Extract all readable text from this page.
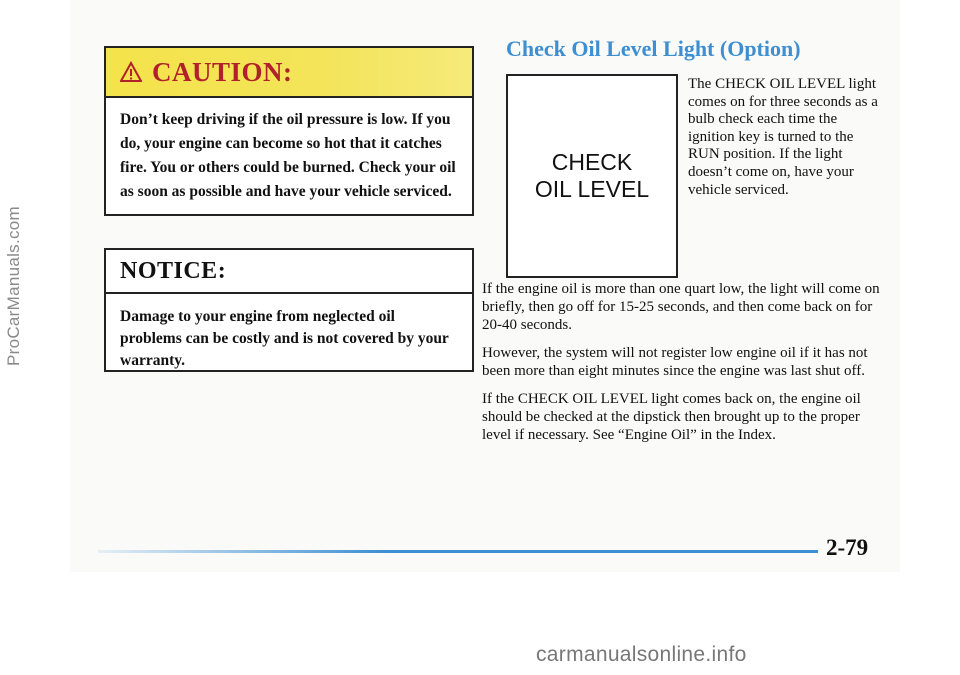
ProCarManuals.com
CAUTION:
Don’t keep driving if the oil pressure is low. If you do, your engine can become so hot that it catches fire. You or others could be burned. Check your oil as soon as possible and have your vehicle serviced.
NOTICE:
Damage to your engine from neglected oil problems can be costly and is not covered by your warranty.
Check Oil Level Light (Option)
CHECK
OIL LEVEL
The CHECK OIL LEVEL light comes on for three seconds as a bulb check each time the ignition key is turned to the RUN position. If the light doesn’t come on, have your vehicle serviced.

If the engine oil is more than one quart low, the light will come on briefly, then go off for 15-25 seconds, and then come back on for 20-40 seconds.

However, the system will not register low engine oil if it has not been more than eight minutes since the engine was last shut off.

If the CHECK OIL LEVEL light comes back on, the engine oil should be checked at the dipstick then brought up to the proper level if necessary. See “Engine Oil” in the Index.

2-79
carmanualsonline.info
